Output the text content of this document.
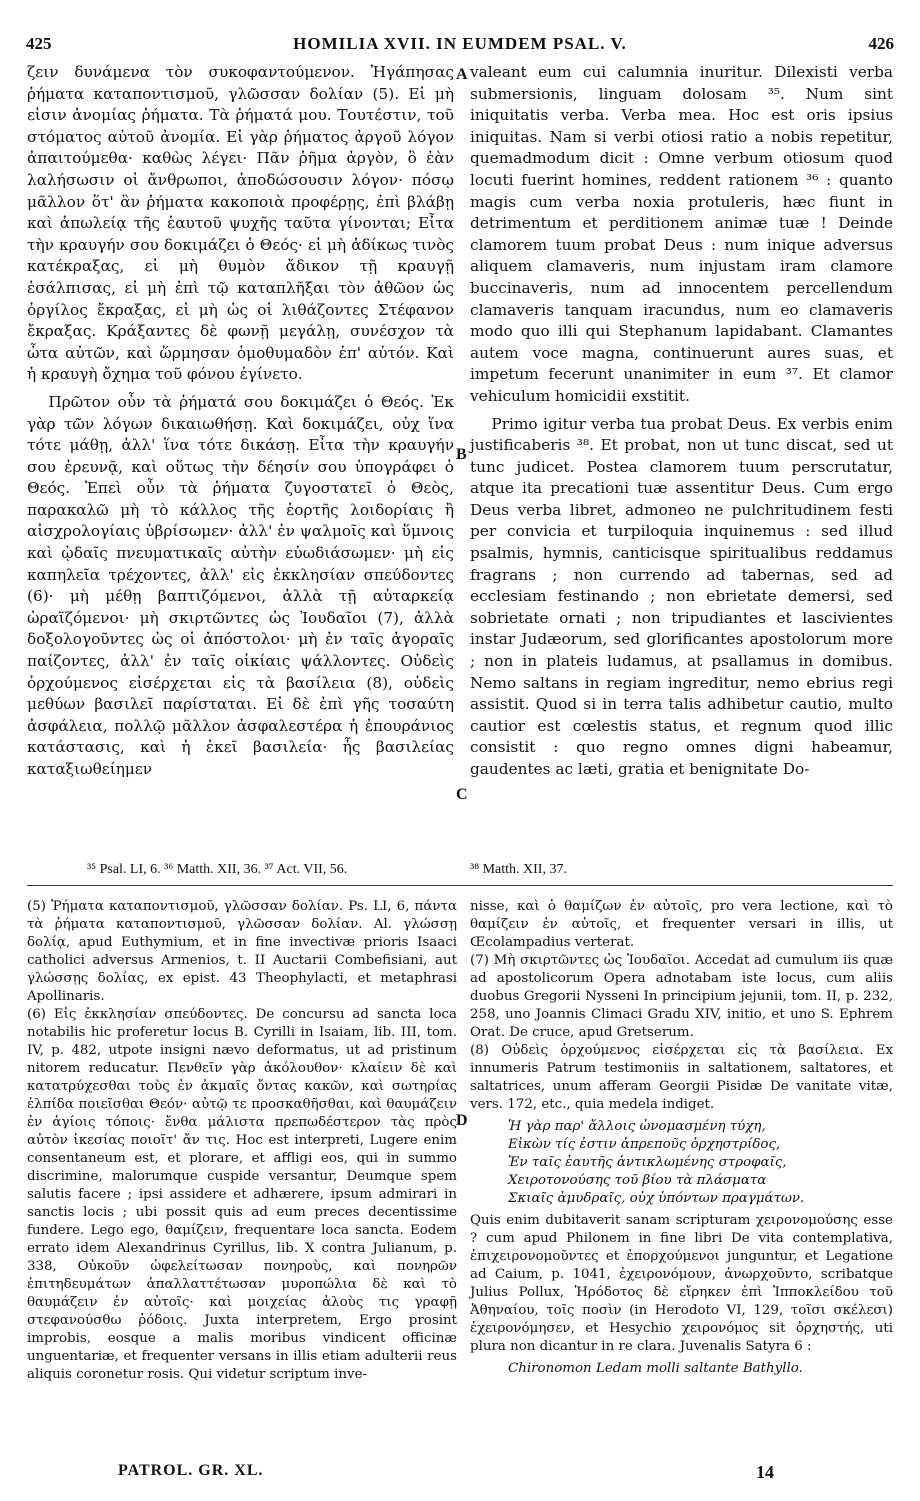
425	HOMILIA XVII. IN EUMDEM PSAL. V.	426
A
B
C
D

ζειν δυνάμενα τὸν συκοφαντούμενον. Ἠγάπησας ῥήματα καταποντισμοῦ, γλῶσσαν δολίαν (5). Εἰ μὴ εἰσιν ἀνομίας ῥήματα. Τὰ ῥήματά μου. Τουτέστιν, τοῦ στόματος αὐτοῦ ἀνομία. Εἰ γὰρ ῥήματος ἀργοῦ λόγον ἀπαιτούμεθα· καθὼς λέγει· Πᾶν ῥῆμα ἀργὸν, ὃ ἐὰν λαλήσωσιν οἱ ἄνθρωποι, ἀποδώσουσιν λόγον· πόσῳ μᾶλλον ὅτ' ἂν ῥήματα κακοποιὰ προφέρῃς, ἐπὶ βλάβῃ καὶ ἀπωλείᾳ τῆς ἑαυτοῦ ψυχῆς ταῦτα γίνονται; Εἶτα τὴν κραυγήν σου δοκιμάζει ὁ Θεός· εἰ μὴ ἀδίκως τινὸς κατέκραξας, εἰ μὴ θυμὸν ἄδικον τῇ κραυγῇ ἐσάλπισας, εἰ μὴ ἐπὶ τῷ καταπλῆξαι τὸν ἀθῶον ὡς ὀργίλος ἔκραξας, εἰ μὴ ὡς οἱ λιθάζοντες Στέφανον ἔκραξας. Κράξαντες δὲ φωνῇ μεγάλῃ, συνέσχον τὰ ὦτα αὐτῶν, καὶ ὥρμησαν ὁμοθυμαδὸν ἐπ' αὐτόν. Καὶ ἡ κραυγὴ ὄχημα τοῦ φόνου ἐγίνετο.

Πρῶτον οὖν τὰ ῥήματά σου δοκιμάζει ὁ Θεός. Ἐκ γὰρ τῶν λόγων δικαιωθήσῃ. Καὶ δοκιμάζει, οὐχ ἵνα τότε μάθῃ, ἀλλ' ἵνα τότε δικάσῃ. Εἶτα τὴν κραυγήν σου ἐρευνᾷ, καὶ οὕτως τὴν δέησίν σου ὑπογράφει ὁ Θεός. Ἐπεὶ οὖν τὰ ῥήματα ζυγοστατεῖ ὁ Θεὸς, παρακαλῶ μὴ τὸ κάλλος τῆς ἑορτῆς λοιδορίαις ἢ αἰσχρολογίαις ὑβρίσωμεν· ἀλλ' ἐν ψαλμοῖς καὶ ὕμνοις καὶ ᾠδαῖς πνευματικαῖς αὐτὴν εὐωδιάσωμεν· μὴ εἰς καπηλεῖα τρέχοντες, ἀλλ' εἰς ἐκκλησίαν σπεύδοντες (6)· μὴ μέθῃ βαπτιζόμενοι, ἀλλὰ τῇ αὐταρκείᾳ ὡραϊζόμενοι· μὴ σκιρτῶντες ὡς Ἰουδαῖοι (7), ἀλλὰ δοξολογοῦντες ὡς οἱ ἀπόστολοι· μὴ ἐν ταῖς ἀγοραῖς παίζοντες, ἀλλ' ἐν ταῖς οἰκίαις ψάλλοντες. Οὐδεὶς ὀρχούμενος εἰσέρχεται εἰς τὰ βασίλεια (8), οὐδεὶς μεθύων βασιλεῖ παρίσταται. Εἰ δὲ ἐπὶ γῆς τοσαύτη ἀσφάλεια, πολλῷ μᾶλλον ἀσφαλεστέρα ἡ ἐπουράνιος κατάστασις, καὶ ἡ ἐκεῖ βασιλεία· ἧς βασιλείας καταξιωθείημεν

valeant eum cui calumnia inuritur. Dilexisti verba submersionis, linguam dolosam ³⁵. Num sint iniquitatis verba. Verba mea. Hoc est oris ipsius iniquitas. Nam si verbi otiosi ratio a nobis repetitur, quemadmodum dicit : Omne verbum otiosum quod locuti fuerint homines, reddent rationem ³⁶ : quanto magis cum verba noxia protuleris, hæc fiunt in detrimentum et perditionem animæ tuæ ! Deinde clamorem tuum probat Deus : num inique adversus aliquem clamaveris, num injustam iram clamore buccinaveris, num ad innocentem percellendum clamaveris tanquam iracundus, num eo clamaveris modo quo illi qui Stephanum lapidabant. Clamantes autem voce magna, continuerunt aures suas, et impetum fecerunt unanimiter in eum ³⁷. Et clamor vehiculum homicidii exstitit.

Primo igitur verba tua probat Deus. Ex verbis enim justificaberis ³⁸. Et probat, non ut tunc discat, sed ut tunc judicet. Postea clamorem tuum perscrutatur, atque ita precationi tuæ assentitur Deus. Cum ergo Deus verba libret, admoneo ne pulchritudinem festi per convicia et turpiloquia inquinemus : sed illud psalmis, hymnis, canticisque spiritualibus reddamus fragrans ; non currendo ad tabernas, sed ad ecclesiam festinando ; non ebrietate demersi, sed sobrietate ornati ; non tripudiantes et lascivientes instar Judæorum, sed glorificantes apostolorum more ; non in plateis ludamus, at psallamus in domibus. Nemo saltans in regiam ingreditur, nemo ebrius regi assistit. Quod si in terra talis adhibetur cautio, multo cautior est cœlestis status, et regnum quod illic consistit : quo regno omnes digni habeamur, gaudentes ac læti, gratia et benignitate Do-

³⁵ Psal. LI, 6. ³⁶ Matth. XII, 36. ³⁷ Act. VII, 56.	³⁸ Matth. XII, 37.

(5) Ῥήματα καταποντισμοῦ, γλῶσσαν δολίαν. Ps. LI, 6, πάντα τὰ ῥήματα καταποντισμοῦ, γλῶσσαν δολίαν. Al. γλώσσῃ δολίᾳ, apud Euthymium, et in fine invectivæ prioris Isaaci catholici adversus Armenios, t. II Auctarii Combefisiani, aut γλώσσῃς δολίας, ex epist. 43 Theophylacti, et metaphrasi Apollinaris.

(6) Εἰς ἐκκλησίαν σπεύδοντες. De concursu ad sancta loca notabilis hic proferetur locus B. Cyrilli in Isaiam, lib. III, tom. IV, p. 482, utpote insigni nævo deformatus, ut ad pristinum nitorem reducatur. Πενθεῖν γὰρ ἀκόλουθον· κλαίειν δὲ καὶ κατατρύχεσθαι τοὺς ἐν ἀκμαῖς ὄντας κακῶν, καὶ σωτηρίας ἐλπίδα ποιεῖσθαι Θεόν· αὐτῷ τε προσκαθῆσθαι, καὶ θαυμάζειν ἐν ἁγίοις τόποις· ἔνθα μάλιστα πρεπωδέστερον τὰς πρὸς αὐτὸν ἱκεσίας ποιοῖτ' ἄν τις. Hoc est interpreti, Lugere enim consentaneum est, et plorare, et affligi eos, qui in summo discrimine, malorumque cuspide versantur, Deumque spem salutis facere ; ipsi assidere et adhærere, ipsum admirari in sanctis locis ; ubi possit quis ad eum preces decentissime fundere. Lego ego, θαμίζειν, frequentare loca sancta. Eodem errato idem Alexandrinus Cyrillus, lib. X contra Julianum, p. 338, Οὐκοῦν ὠφελείτωσαν πονηροὺς, καὶ πονηρῶν ἐπιτηδευμάτων ἀπαλλαττέτωσαν μυροπώλια δὲ καὶ τὸ θαυμάζειν ἐν αὐτοῖς· καὶ μοιχείας ἀλοὺς τις γραφῇ στεφανούσθω ῥόδοις. Juxta interpretem, Ergo prosint improbis, eosque a malis moribus vindicent officinæ unguentariæ, et frequenter versans in illis etiam adulterii reus aliquis coronetur rosis. Qui videtur scriptum inve-

nisse, καὶ ὁ θαμίζων ἐν αὐτοῖς, pro vera lectione, καὶ τὸ θαμίζειν ἐν αὐτοῖς, et frequenter versari in illis, ut Œcolampadius verterat.

(7) Μὴ σκιρτῶντες ὡς Ἰουδαῖοι. Accedat ad cumulum iis quæ ad apostolicorum Opera adnotabam iste locus, cum aliis duobus Gregorii Nysseni In principium jejunii, tom. II, p. 232, 258, uno Joannis Climaci Gradu XIV, initio, et uno S. Ephrem Orat. De cruce, apud Gretserum.

(8) Οὐδεὶς ὀρχούμενος εἰσέρχεται εἰς τὰ βασίλεια. Ex innumeris Patrum testimoniis in saltationem, saltatores, et saltatrices, unum afferam Georgii Pisidæ De vanitate vitæ, vers. 172, etc., quia medela indiget.

Ἡ γὰρ παρ' ἄλλοις ὠνομασμένη τύχη,

Εἰκὼν τίς ἐστιν ἀπρεποῦς ὀρχηστρίδος,

Ἐν ταῖς ἑαυτῆς ἀντικλωμένης στροφαῖς,

Χειροτονούσης τοῦ βίου τὰ πλάσματα

Σκιαῖς ἀμυδραῖς, οὐχ ὑπόντων πραγμάτων.

Quis enim dubitaverit sanam scripturam χειρονομούσης esse ? cum apud Philonem in fine libri De vita contemplativa, ἐπιχειρονομοῦντες et ἐπορχούμενοι junguntur, et Legatione ad Caium, p. 1041, ἐχειρονόμουν, ἀνωρχοῦντο, scribatque Julius Pollux, Ἡρόδοτος δὲ εἴρηκεν ἐπὶ Ἱπποκλείδου τοῦ Ἀθηναίου, τοῖς ποσὶν (in Herodoto VI, 129, τοῖσι σκέλεσι) ἐχειρονόμησεν, et Hesychio χειρονόμος sit ὀρχηστής, uti plura non dicantur in re clara. Juvenalis Satyra 6 :

Chironomon Ledam molli saltante Bathyllo.

PATROL. GR. XL.	14
